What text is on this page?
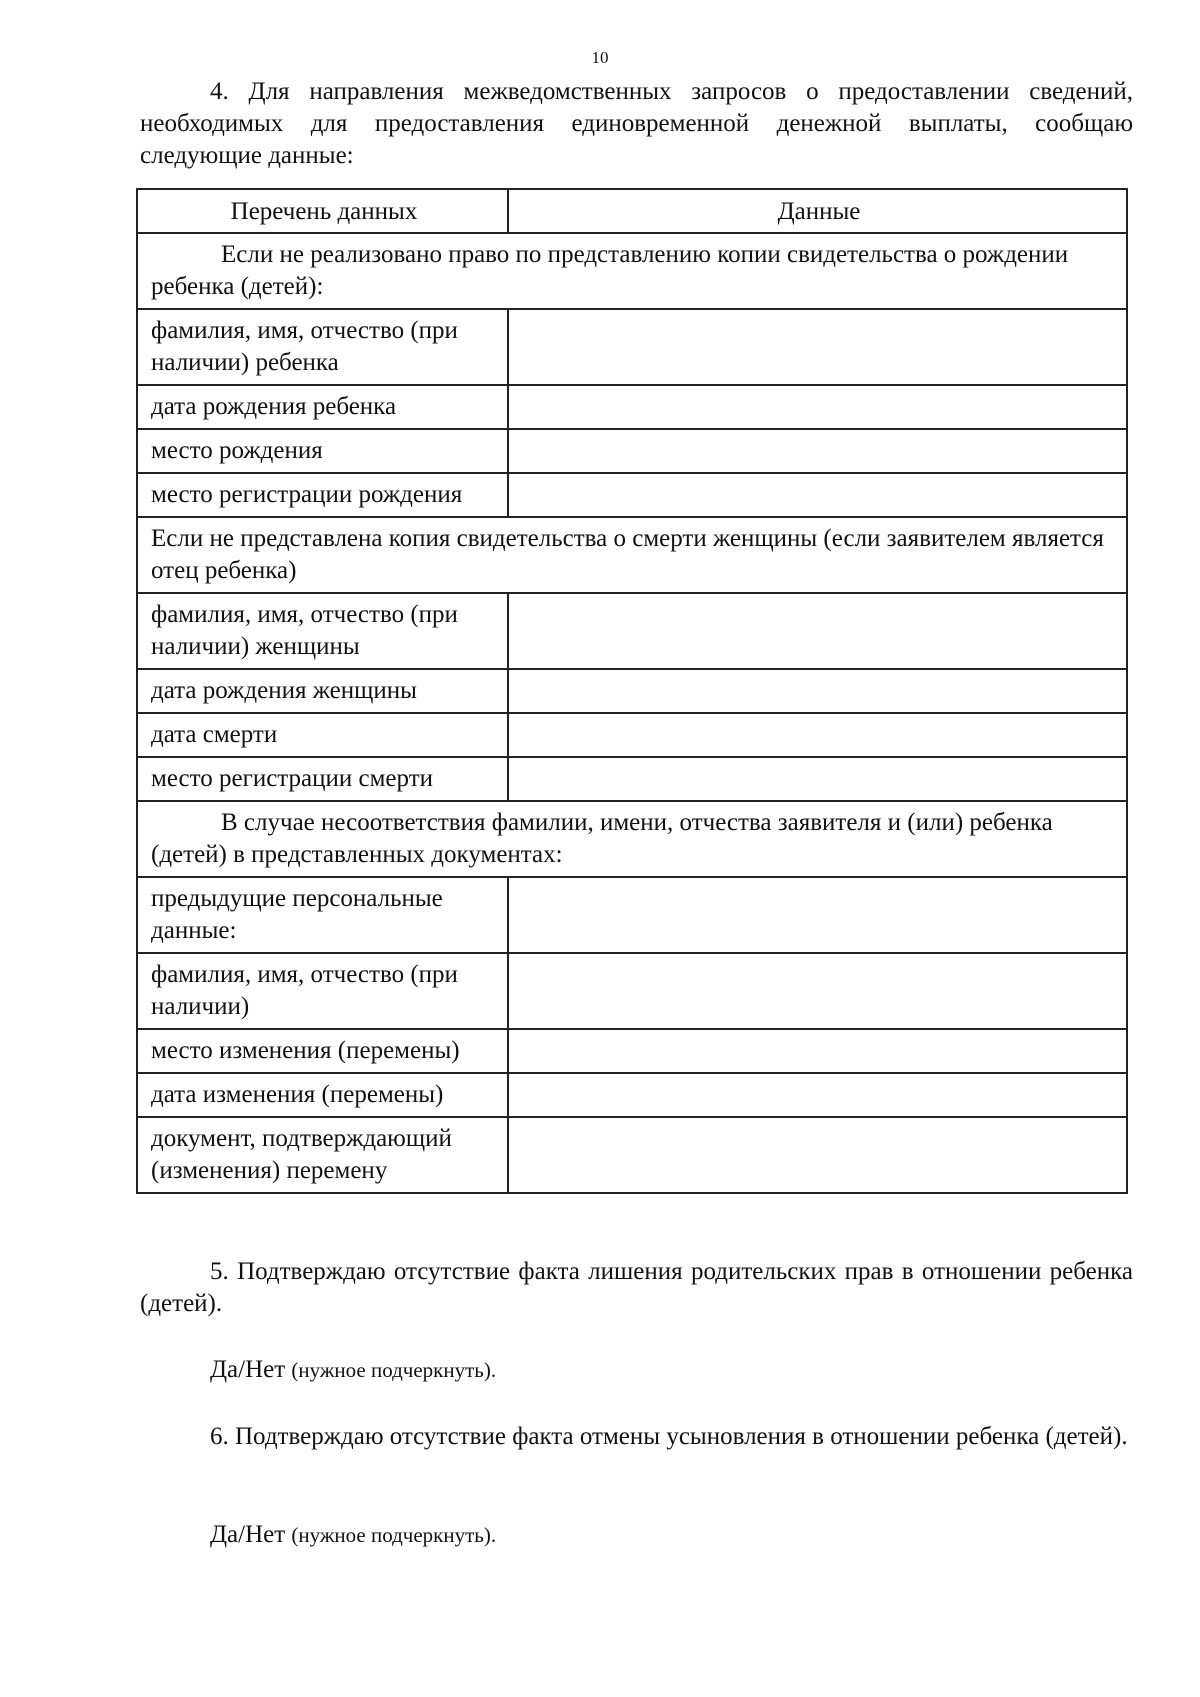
10

4. Для направления межведомственных запросов о предоставлении сведений, необходимых для предоставления единовременной денежной выплаты, сообщаю следующие данные:

Перечень данных	Данные
Если не реализовано право по представлению копии свидетельства о рождении ребенка (детей):	
фамилия, имя, отчество (при наличии) ребенка	
дата рождения ребенка	
место рождения	
место регистрации рождения	
Если не представлена копия свидетельства о смерти женщины (если заявителем является отец ребенка)	
фамилия, имя, отчество (при наличии) женщины	
дата рождения женщины	
дата смерти	
место регистрации смерти	
В случае несоответствия фамилии, имени, отчества заявителя и (или) ребенка (детей) в представленных документах:	
предыдущие персональные данные:	
фамилия, имя, отчество (при наличии)	
место изменения (перемены)	
дата изменения (перемены)	
документ, подтверждающий (изменения) перемену	

5. Подтверждаю отсутствие факта лишения родительских прав в отношении ребенка (детей).

Да/Нет (нужное подчеркнуть).

6. Подтверждаю отсутствие факта отмены усыновления в отношении ребенка (детей).

Да/Нет (нужное подчеркнуть).
